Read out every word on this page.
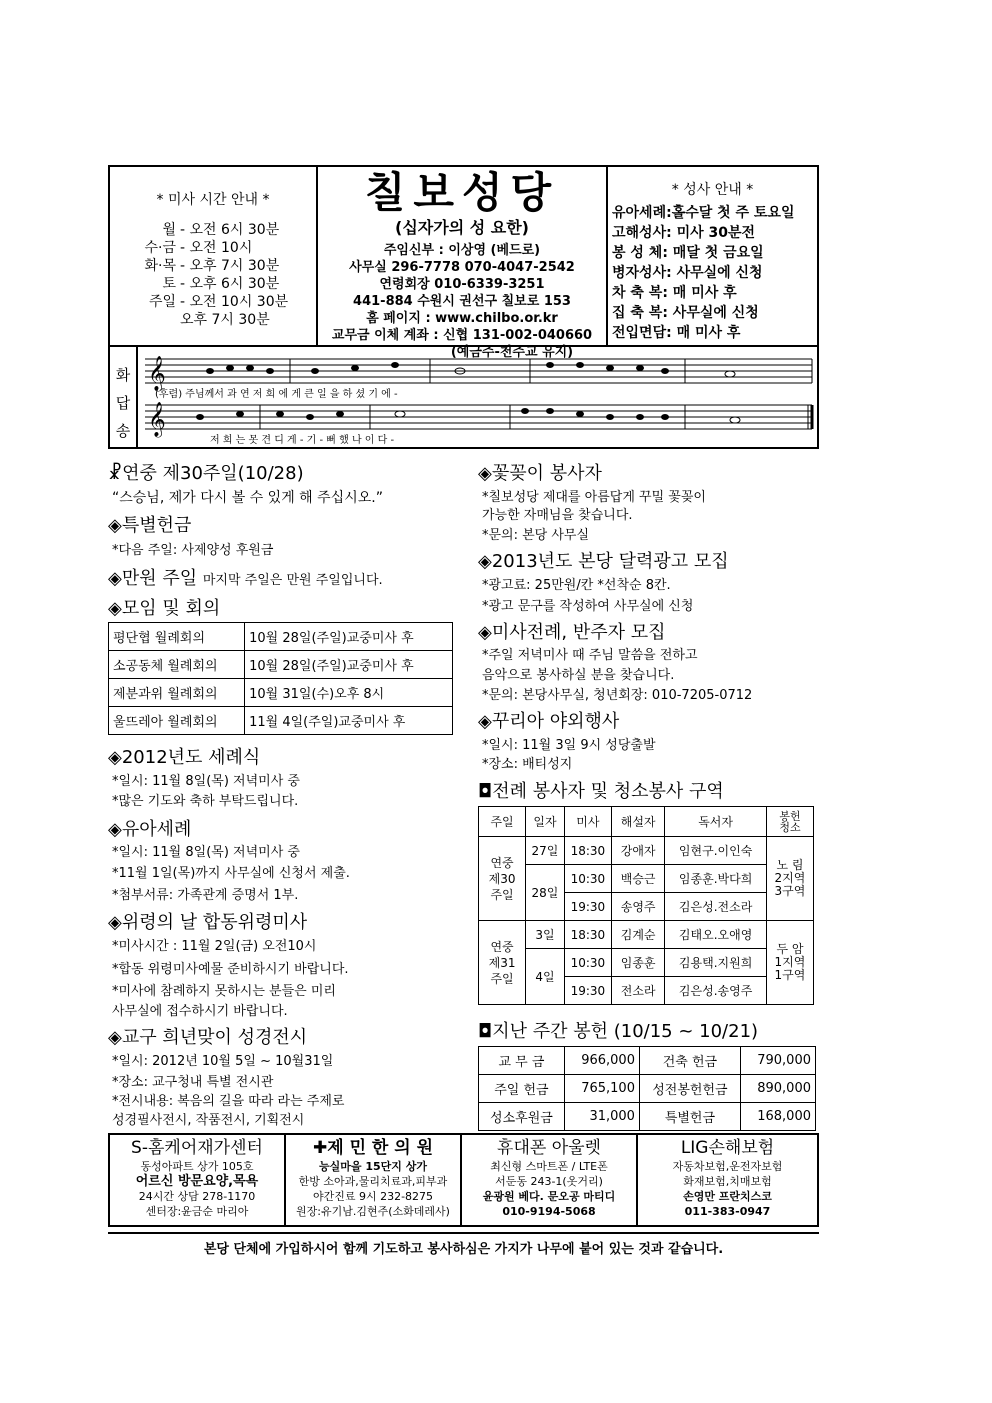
* 미사 시간 안내 *
월 - 오전 6시 30분
수·금 - 오전 10시
화·목 - 오후 7시 30분
토 - 오후 6시 30분
주일 - 오전 10시 30분
오후 7시 30분
칠보성당
(십자가의 성 요한)
주임신부 : 이상영 (베드로)
사무실 296-7778 070-4047-2542
연령회장 010-6339-3251
441-884 수원시 권선구 칠보로 153
홈 페이지 : www.chilbo.or.kr
교무금 이체 계좌 : 신협 131-002-040660
(예금주-천주교 유지)
* 성사 안내 *
유아세례:홀수달 첫 주 토요일
고해성사: 미사 30분전
봉 성 체: 매달 첫 금요일
병자성사: 사무실에 신청
차 축 복: 매 미사 후
집 축 복: 사무실에 신청
전입면담: 매 미사 후
화답송
𝄞
𝄞
(후렴) 주님께서 과 연 저 희 에 게 큰 일 을 하 셨 기 에 -
저 희 는 못 견 디 게 - 기 - 뻐 했 나 이 다 -
☧연중 제30주일(10/28)
“스승님, 제가 다시 볼 수 있게 해 주십시오.”
◈특별헌금
*다음 주일: 사제양성 후원금
◈만원 주일 마지막 주일은 만원 주일입니다.
◈모임 및 회의
평단협 월례회의	10월 28일(주일)교중미사 후
소공동체 월례회의	10월 28일(주일)교중미사 후
제분과위 월례회의	10월 31일(수)오후 8시
울뜨레아 월례회의	11월 4일(주일)교중미사 후
◈2012년도 세례식
*일시: 11월 8일(목) 저녁미사 중
*많은 기도와 축하 부탁드립니다.
◈유아세례
*일시: 11월 8일(목) 저녁미사 중
*11월 1일(목)까지 사무실에 신청서 제출.
*첨부서류: 가족관계 증명서 1부.
◈위령의 날 합동위령미사
*미사시간 : 11월 2일(금) 오전10시
*합동 위령미사예물 준비하시기 바랍니다.
*미사에 참례하지 못하시는 분들은 미리
사무실에 접수하시기 바랍니다.
◈교구 희년맞이 성경전시
*일시: 2012년 10월 5일 ~ 10월31일
*장소: 교구청내 특별 전시관
*전시내용: 복음의 길을 따라 라는 주제로
성경필사전시, 작품전시, 기획전시
◈꽃꽂이 봉사자
*칠보성당 제대를 아름답게 꾸밀 꽃꽂이
가능한 자매님을 찾습니다.
*문의: 본당 사무실
◈2013년도 본당 달력광고 모집
*광고료: 25만원/칸 *선착순 8칸.
*광고 문구를 작성하여 사무실에 신청
◈미사전례, 반주자 모집
*주일 저녁미사 때 주님 말씀을 전하고
음악으로 봉사하실 분을 찾습니다.
*문의: 본당사무실, 청년회장: 010-7205-0712
◈꾸리아 야외행사
*일시: 11월 3일 9시 성당출발
*장소: 배티성지
◘전례 봉사자 및 청소봉사 구역
주일	일자	미사	해설자	독서자	봉헌
청소
연중
제30
주일	27일	18:30	강애자	임현구.이인숙	노 림
2지역
3구역
	28일	10:30	백승근	임종훈.박다희	
		19:30	송영주	김은성.전소라	
연중
제31
주일	3일	18:30	김계순	김태오.오애영	두 암
1지역
1구역
	4일	10:30	임종훈	김용택.지원희	
		19:30	전소라	김은성.송영주	
◘지난 주간 봉헌 (10/15 ~ 10/21)
교 무 금	966,000	건축 헌금	790,000
주일 헌금	765,100	성전봉헌헌금	890,000
성소후원금	31,000	특별헌금	168,000
S-홈케어재가센터
동성아파트 상가 105호
어르신 방문요양,목욕
24시간 상담 278-1170
센터장:윤금순 마리아
✚제 민 한 의 원
능실마을 15단지 상가
한방 소아과,물리치료과,피부과
야간진료 9시 232-8275
원장:유기남.김현주(소화데레사)
휴대폰 아울렛
최신형 스마트폰 / LTE폰
서둔동 243-1(옷거리)
윤광원 베다. 문오공 마티디
010-9194-5068
LIG손해보험
자동차보험,운전자보험
화재보험,치매보험
손영만 프란치스코
011-383-0947
본당 단체에 가입하시어 함께 기도하고 봉사하심은 가지가 나무에 붙어 있는 것과 같습니다.
